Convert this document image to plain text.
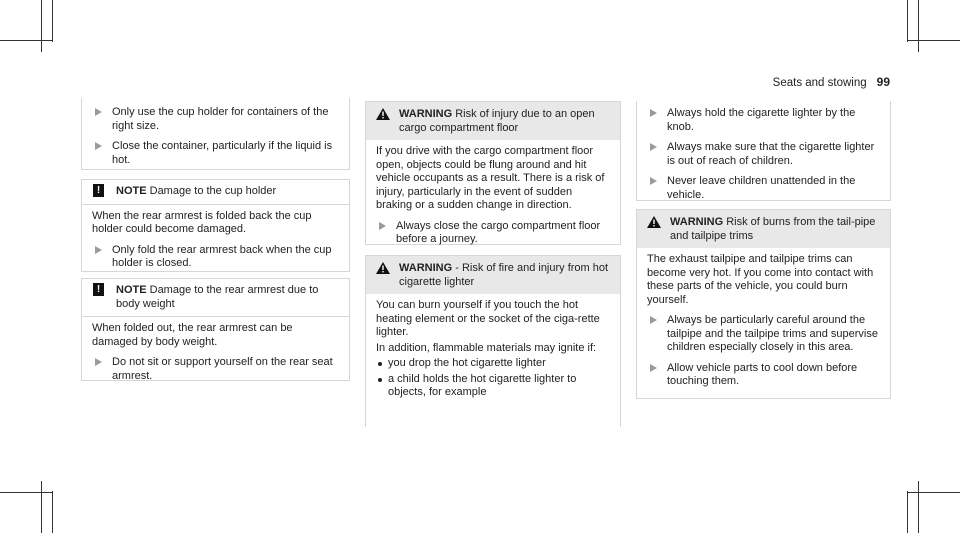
Seats and stowing 99

Only use the cup holder for containers of the right size.

Close the container, particularly if the liquid is hot.

!	NOTE Damage to the cup holder

When the rear armrest is folded back the cup holder could become damaged.

Only fold the rear armrest back when the cup holder is closed.

!	NOTE Damage to the rear armrest due to body weight

When folded out, the rear armrest can be damaged by body weight.

Do not sit or support yourself on the rear seat armrest.

WARNING Risk of injury due to an open cargo compartment floor

If you drive with the cargo compartment floor open, objects could be flung around and hit vehicle occupants as a result. There is a risk of injury, particularly in the event of sudden braking or a sudden change in direction.

Always close the cargo compartment floor before a journey.

WARNING - Risk of fire and injury from hot cigarette lighter

You can burn yourself if you touch the hot heating element or the socket of the ciga-rette lighter.

In addition, flammable materials may ignite if:

you drop the hot cigarette lighter

a child holds the hot cigarette lighter to objects, for example

Always hold the cigarette lighter by the knob.

Always make sure that the cigarette lighter is out of reach of children.

Never leave children unattended in the vehicle.

WARNING Risk of burns from the tail-pipe and tailpipe trims

The exhaust tailpipe and tailpipe trims can become very hot. If you come into contact with these parts of the vehicle, you could burn yourself.

Always be particularly careful around the tailpipe and the tailpipe trims and supervise children especially closely in this area.

Allow vehicle parts to cool down before touching them.
